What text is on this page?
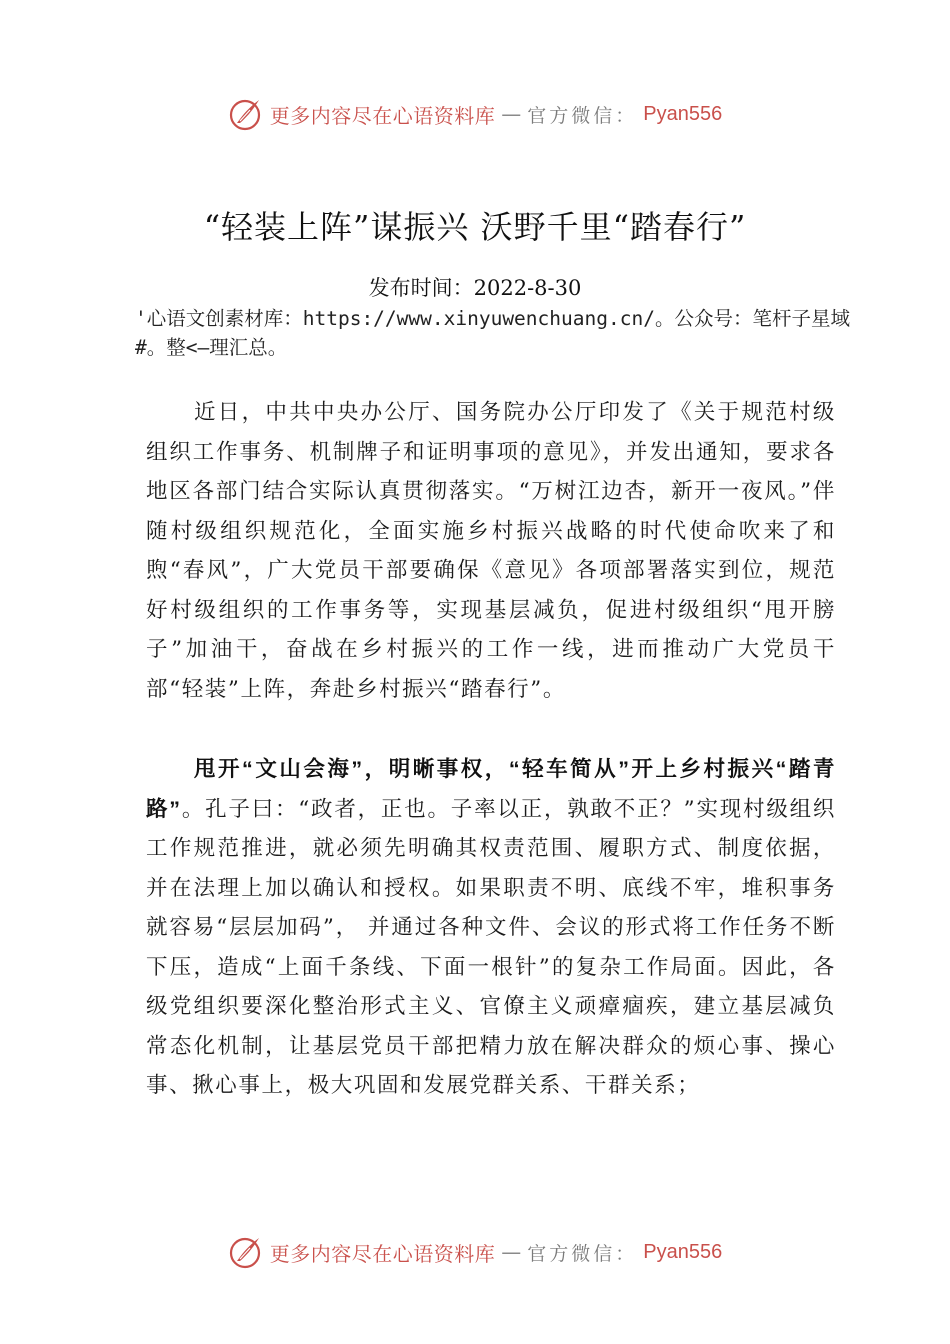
更多内容尽在心语资料库 — 官方微信： Pyan556
“轻装上阵”谋振兴 沃野千里“踏春行”
发布时间：2022-8-30
'心语文创素材库：https://www.xinyuwenchuang.cn/。公众号：笔杆子星域#。整<—理汇总。
近日，中共中央办公厅、国务院办公厅印发了《关于规范村级组织工作事务、机制牌子和证明事项的意见》，并发出通知，要求各地区各部门结合实际认真贯彻落实。“万树江边杏，新开一夜风。”伴随村级组织规范化，全面实施乡村振兴战略的时代使命吹来了和煦“春风”，广大党员干部要确保《意见》各项部署落实到位，规范好村级组织的工作事务等，实现基层减负，促进村级组织“甩开膀子”加油干，奋战在乡村振兴的工作一线，进而推动广大党员干部“轻装”上阵，奔赴乡村振兴“踏春行”。
甩开“文山会海”，明晰事权，“轻车简从”开上乡村振兴“踏青路”。孔子曰：“政者，正也。子率以正，孰敢不正？”实现村级组织工作规范推进，就必须先明确其权责范围、履职方式、制度依据，并在法理上加以确认和授权。如果职责不明、底线不牢，堆积事务就容易“层层加码”， 并通过各种文件、会议的形式将工作任务不断下压，造成“上面千条线、下面一根针”的复杂工作局面。因此，各级党组织要深化整治形式主义、官僚主义顽瘴痼疾，建立基层减负 常态化机制，让基层党员干部把精力放在解决群众的烦心事、操心事、揪心事上，极大巩固和发展党群关系、干群关系；
更多内容尽在心语资料库 — 官方微信： Pyan556
